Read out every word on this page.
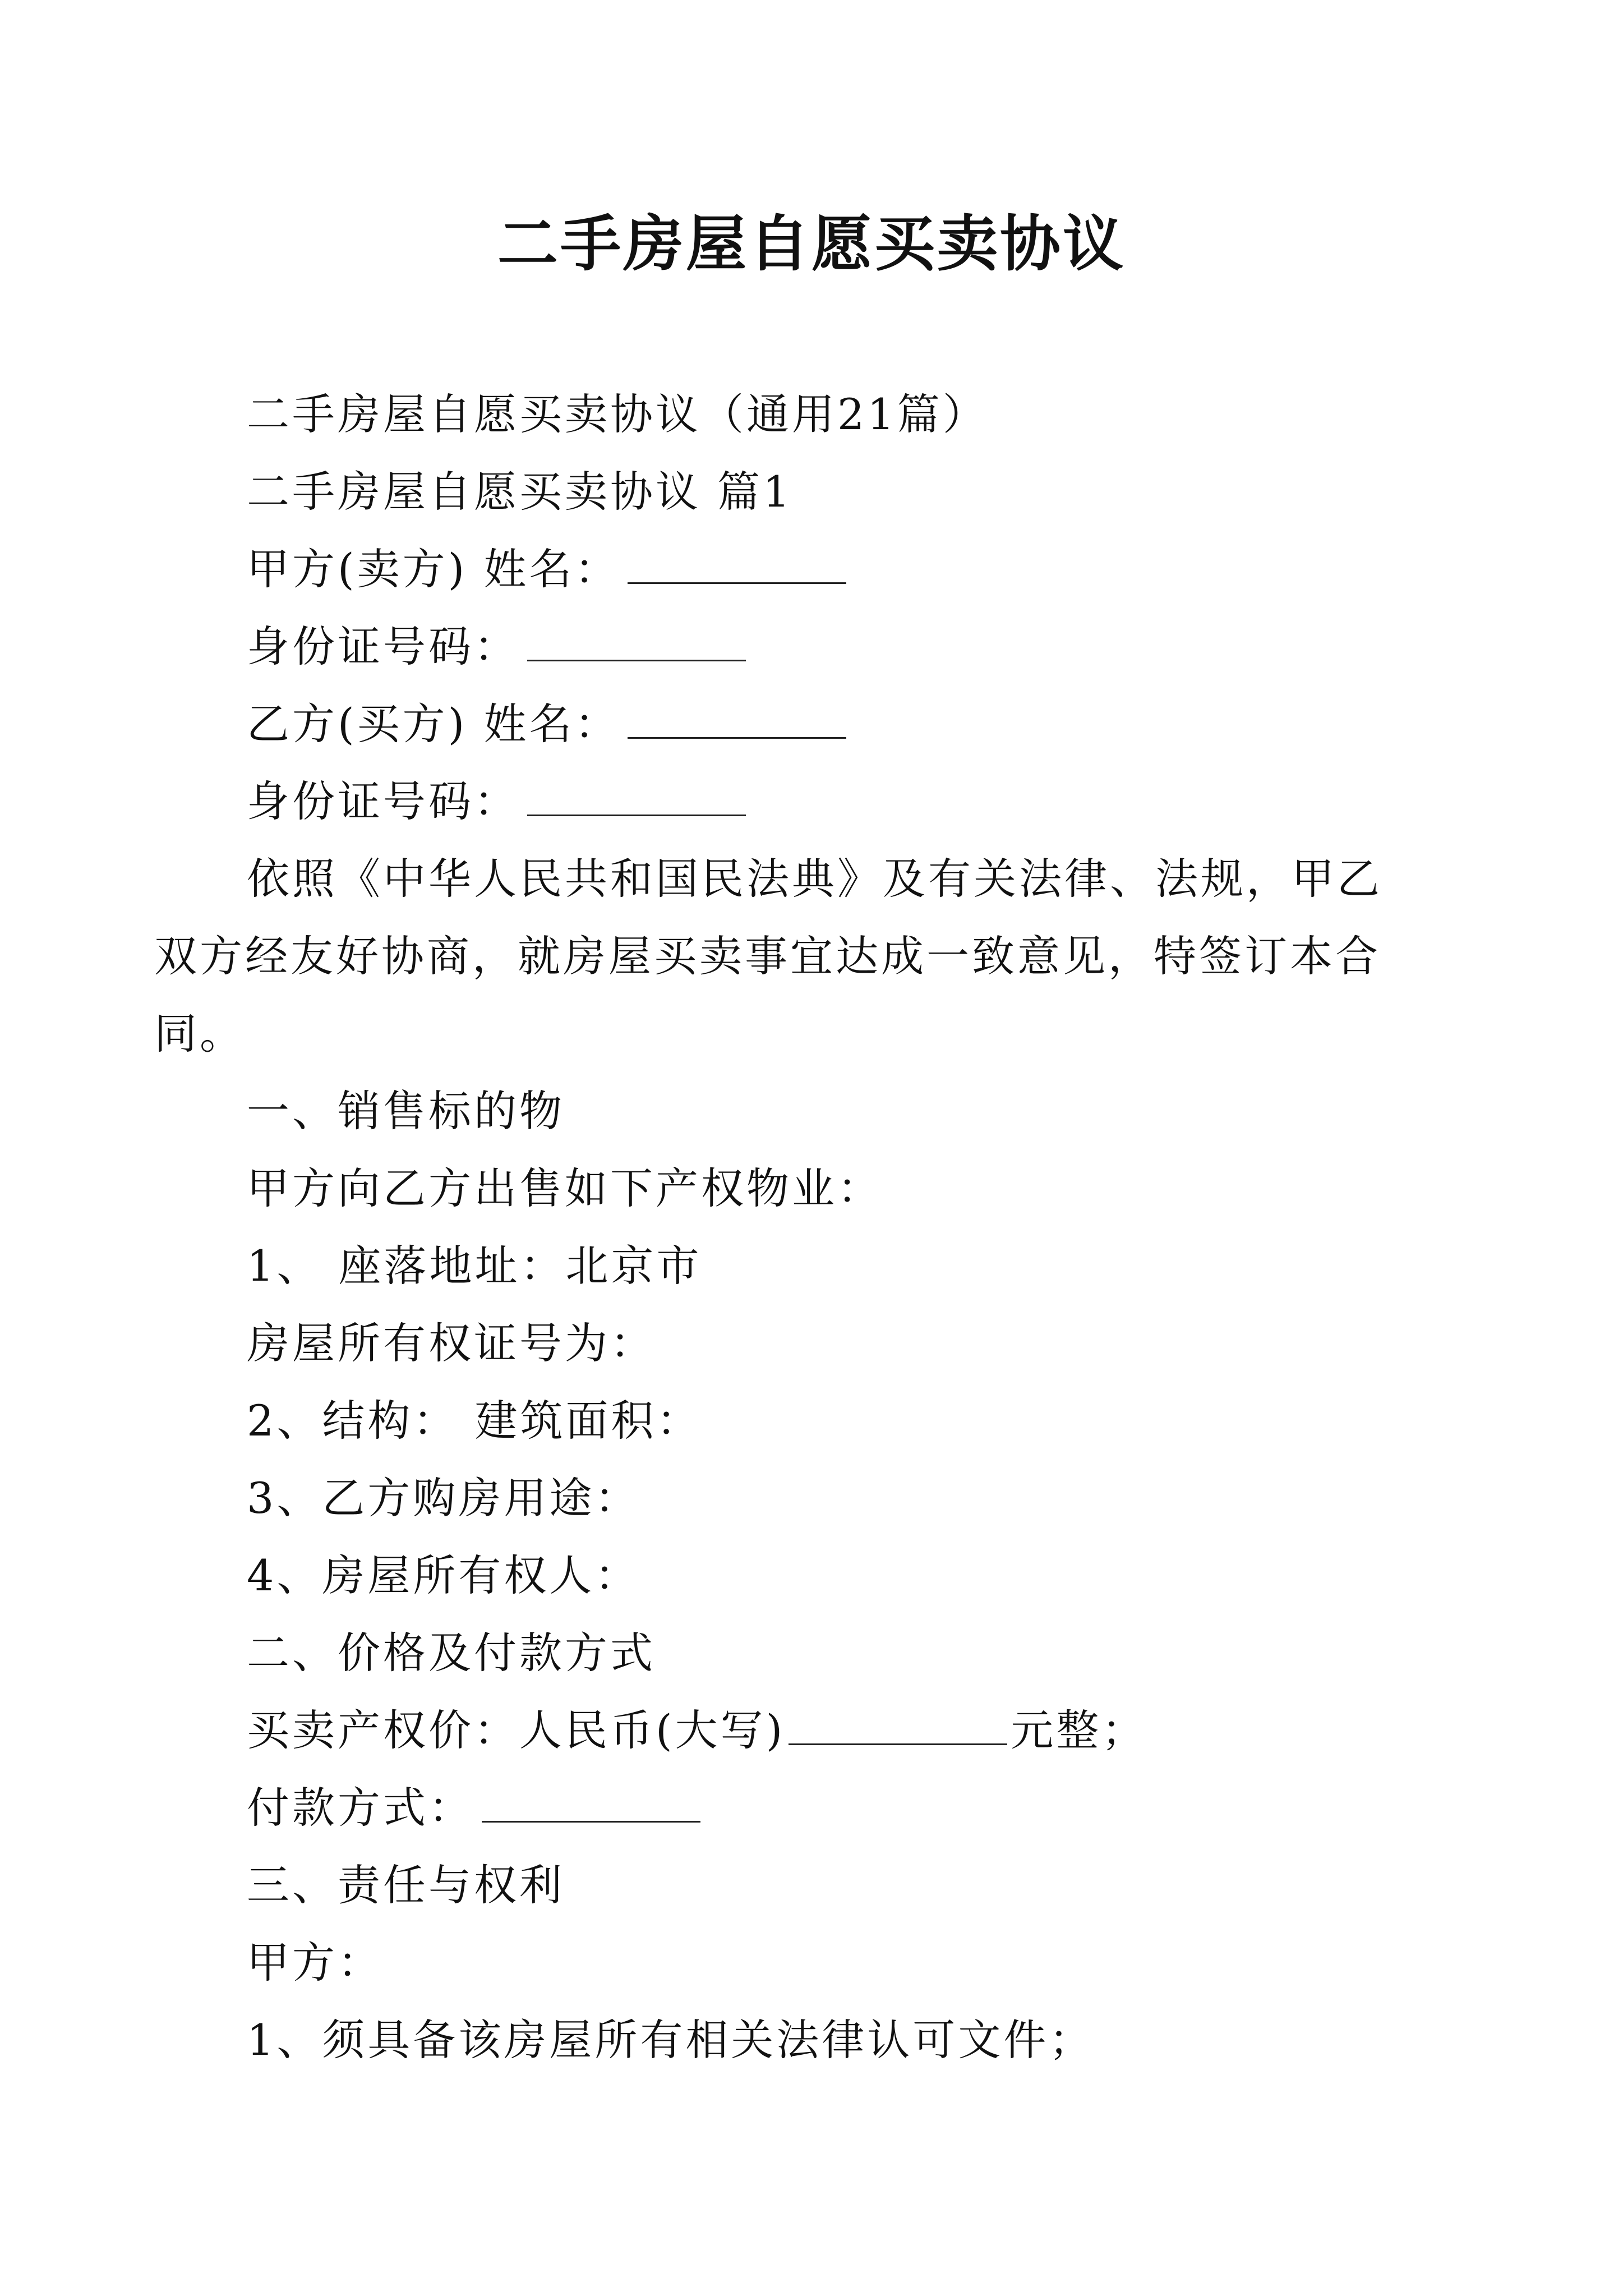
二手房屋自愿买卖协议

二手房屋自愿买卖协议（通用21篇）

二手房屋自愿买卖协议 篇1

甲方(卖方) 姓名：

身份证号码：

乙方(买方) 姓名：

身份证号码：

依照《中华人民共和国民法典》及有关法律、法规，甲乙双方经友好协商，就房屋买卖事宜达成一致意见，特签订本合同。

一、销售标的物

甲方向乙方出售如下产权物业：

1、 座落地址：北京市

房屋所有权证号为：

2、结构： 建筑面积：

3、乙方购房用途：

4、房屋所有权人：

二、价格及付款方式

买卖产权价：人民币(大写)	元整；

付款方式：

三、责任与权利

甲方：

1、须具备该房屋所有相关法律认可文件；
